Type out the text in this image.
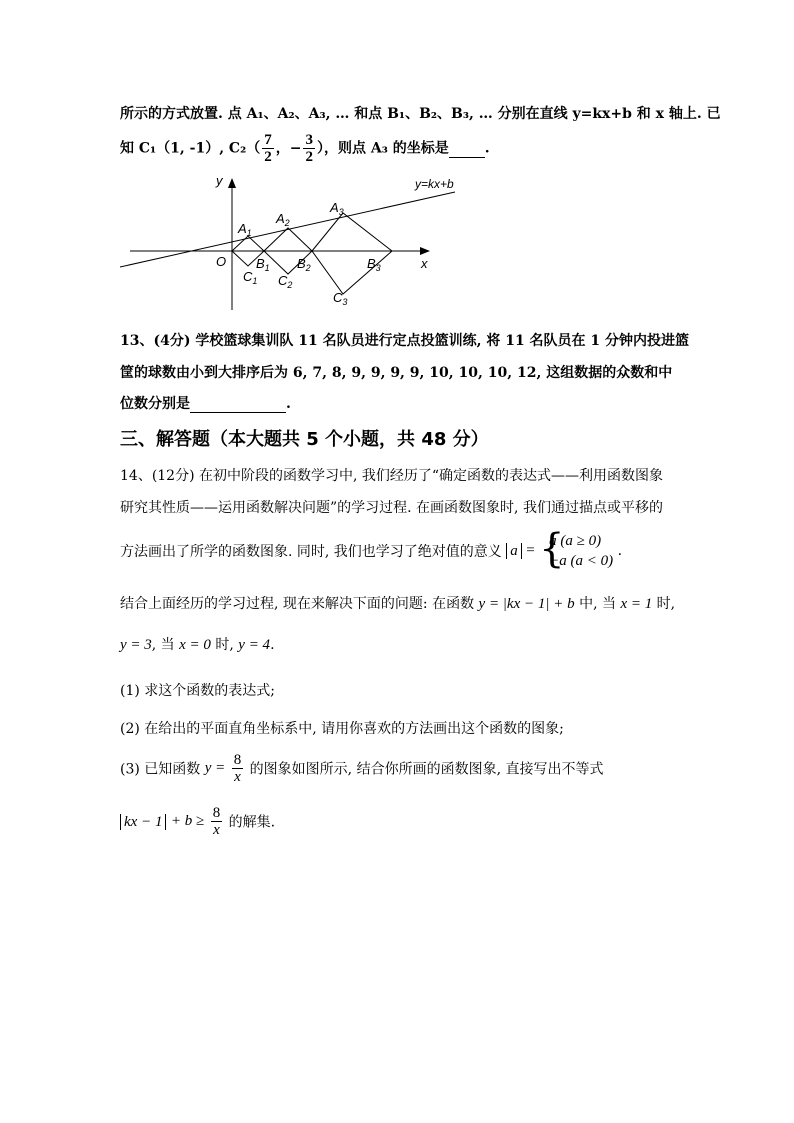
所示的方式放置. 点 A₁、A₂、A₃, … 和点 B₁、B₂、B₃, … 分别在直线 y=kx+b 和 x 轴上. 已
知 C₁（1, -1）, $C_2( \frac{7}{2}$ ，− $\frac{3}{2}$ ），则点 A₃ 的坐标是	.
y=kx+b
y
x
O
$A_1$
$A_2$
$A_3$
$B_1$ $B_2$	$B_3$
$C_1$ $C_2$
$C_3$
13、(4分) 学校篮球集训队 11 名队员进行定点投篮训练, 将 11 名队员在 1 分钟内投进篮
筐的球数由小到大排序后为 6, 7, 8, 9, 9, 9, 9, 10, 10, 10, 12, 这组数据的众数和中
位数分别是	.
三、解答题（本大题共 5 个小题，共 48 分）
14、(12分) 在初中阶段的函数学习中, 我们经历了“确定函数的表达式——利用函数图象
研究其性质——运用函数解决问题”的学习过程. 在画函数图象时, 我们通过描点或平移的
方法画出了所学的函数图象. 同时, 我们也学习了绝对值的意义 a = {
a (a ≥ 0)
−a (a < 0)
.
结合上面经历的学习过程, 现在来解决下面的问题: 在函数 y = |kx − 1| + b 中, 当 x = 1 时,
y = 3, 当 x = 0 时, y = 4.
(1) 求这个函数的表达式;
(2) 在给出的平面直角坐标系中, 请用你喜欢的方法画出这个函数的图象;
(3) 已知函数 $y = \frac{8}{x}$ 的图象如图所示, 结合你所画的函数图象, 直接写出不等式
kx − $1 + b \ge \frac{8}{x}$ 的解集.
